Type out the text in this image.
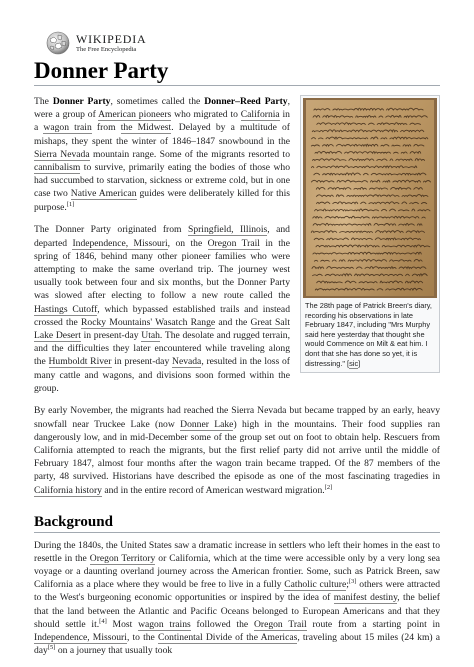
WIKIPEDIA
The Free Encyclopedia
Donner Party
The 28th page of Patrick Breen's diary, recording his observations in late February 1847, including "Mrs Murphy said here yesterday that thought she would Commence on Milt & eat him. I dont that she has done so yet, it is distressing." [sic]

The Donner Party, sometimes called the Donner–Reed Party, were a group of American pioneers who migrated to California in a wagon train from the Midwest. Delayed by a multitude of mishaps, they spent the winter of 1846–1847 snowbound in the Sierra Nevada mountain range. Some of the migrants resorted to cannibalism to survive, primarily eating the bodies of those who had succumbed to starvation, sickness or extreme cold, but in one case two Native American guides were deliberately killed for this purpose.[1]

The Donner Party originated from Springfield, Illinois, and departed Independence, Missouri, on the Oregon Trail in the spring of 1846, behind many other pioneer families who were attempting to make the same overland trip. The journey west usually took between four and six months, but the Donner Party was slowed after electing to follow a new route called the Hastings Cutoff, which bypassed established trails and instead crossed the Rocky Mountains' Wasatch Range and the Great Salt Lake Desert in present-day Utah. The desolate and rugged terrain, and the difficulties they later encountered while traveling along the Humboldt River in present-day Nevada, resulted in the loss of many cattle and wagons, and divisions soon formed within the group.

By early November, the migrants had reached the Sierra Nevada but became trapped by an early, heavy snowfall near Truckee Lake (now Donner Lake) high in the mountains. Their food supplies ran dangerously low, and in mid-December some of the group set out on foot to obtain help. Rescuers from California attempted to reach the migrants, but the first relief party did not arrive until the middle of February 1847, almost four months after the wagon train became trapped. Of the 87 members of the party, 48 survived. Historians have described the episode as one of the most fascinating tragedies in California history and in the entire record of American westward migration.[2]

Background

During the 1840s, the United States saw a dramatic increase in settlers who left their homes in the east to resettle in the Oregon Territory or California, which at the time were accessible only by a very long sea voyage or a daunting overland journey across the American frontier. Some, such as Patrick Breen, saw California as a place where they would be free to live in a fully Catholic culture;[3] others were attracted to the West's burgeoning economic opportunities or inspired by the idea of manifest destiny, the belief that the land between the Atlantic and Pacific Oceans belonged to European Americans and that they should settle it.[4] Most wagon trains followed the Oregon Trail route from a starting point in Independence, Missouri, to the Continental Divide of the Americas, traveling about 15 miles (24 km) a day[5] on a journey that usually took
